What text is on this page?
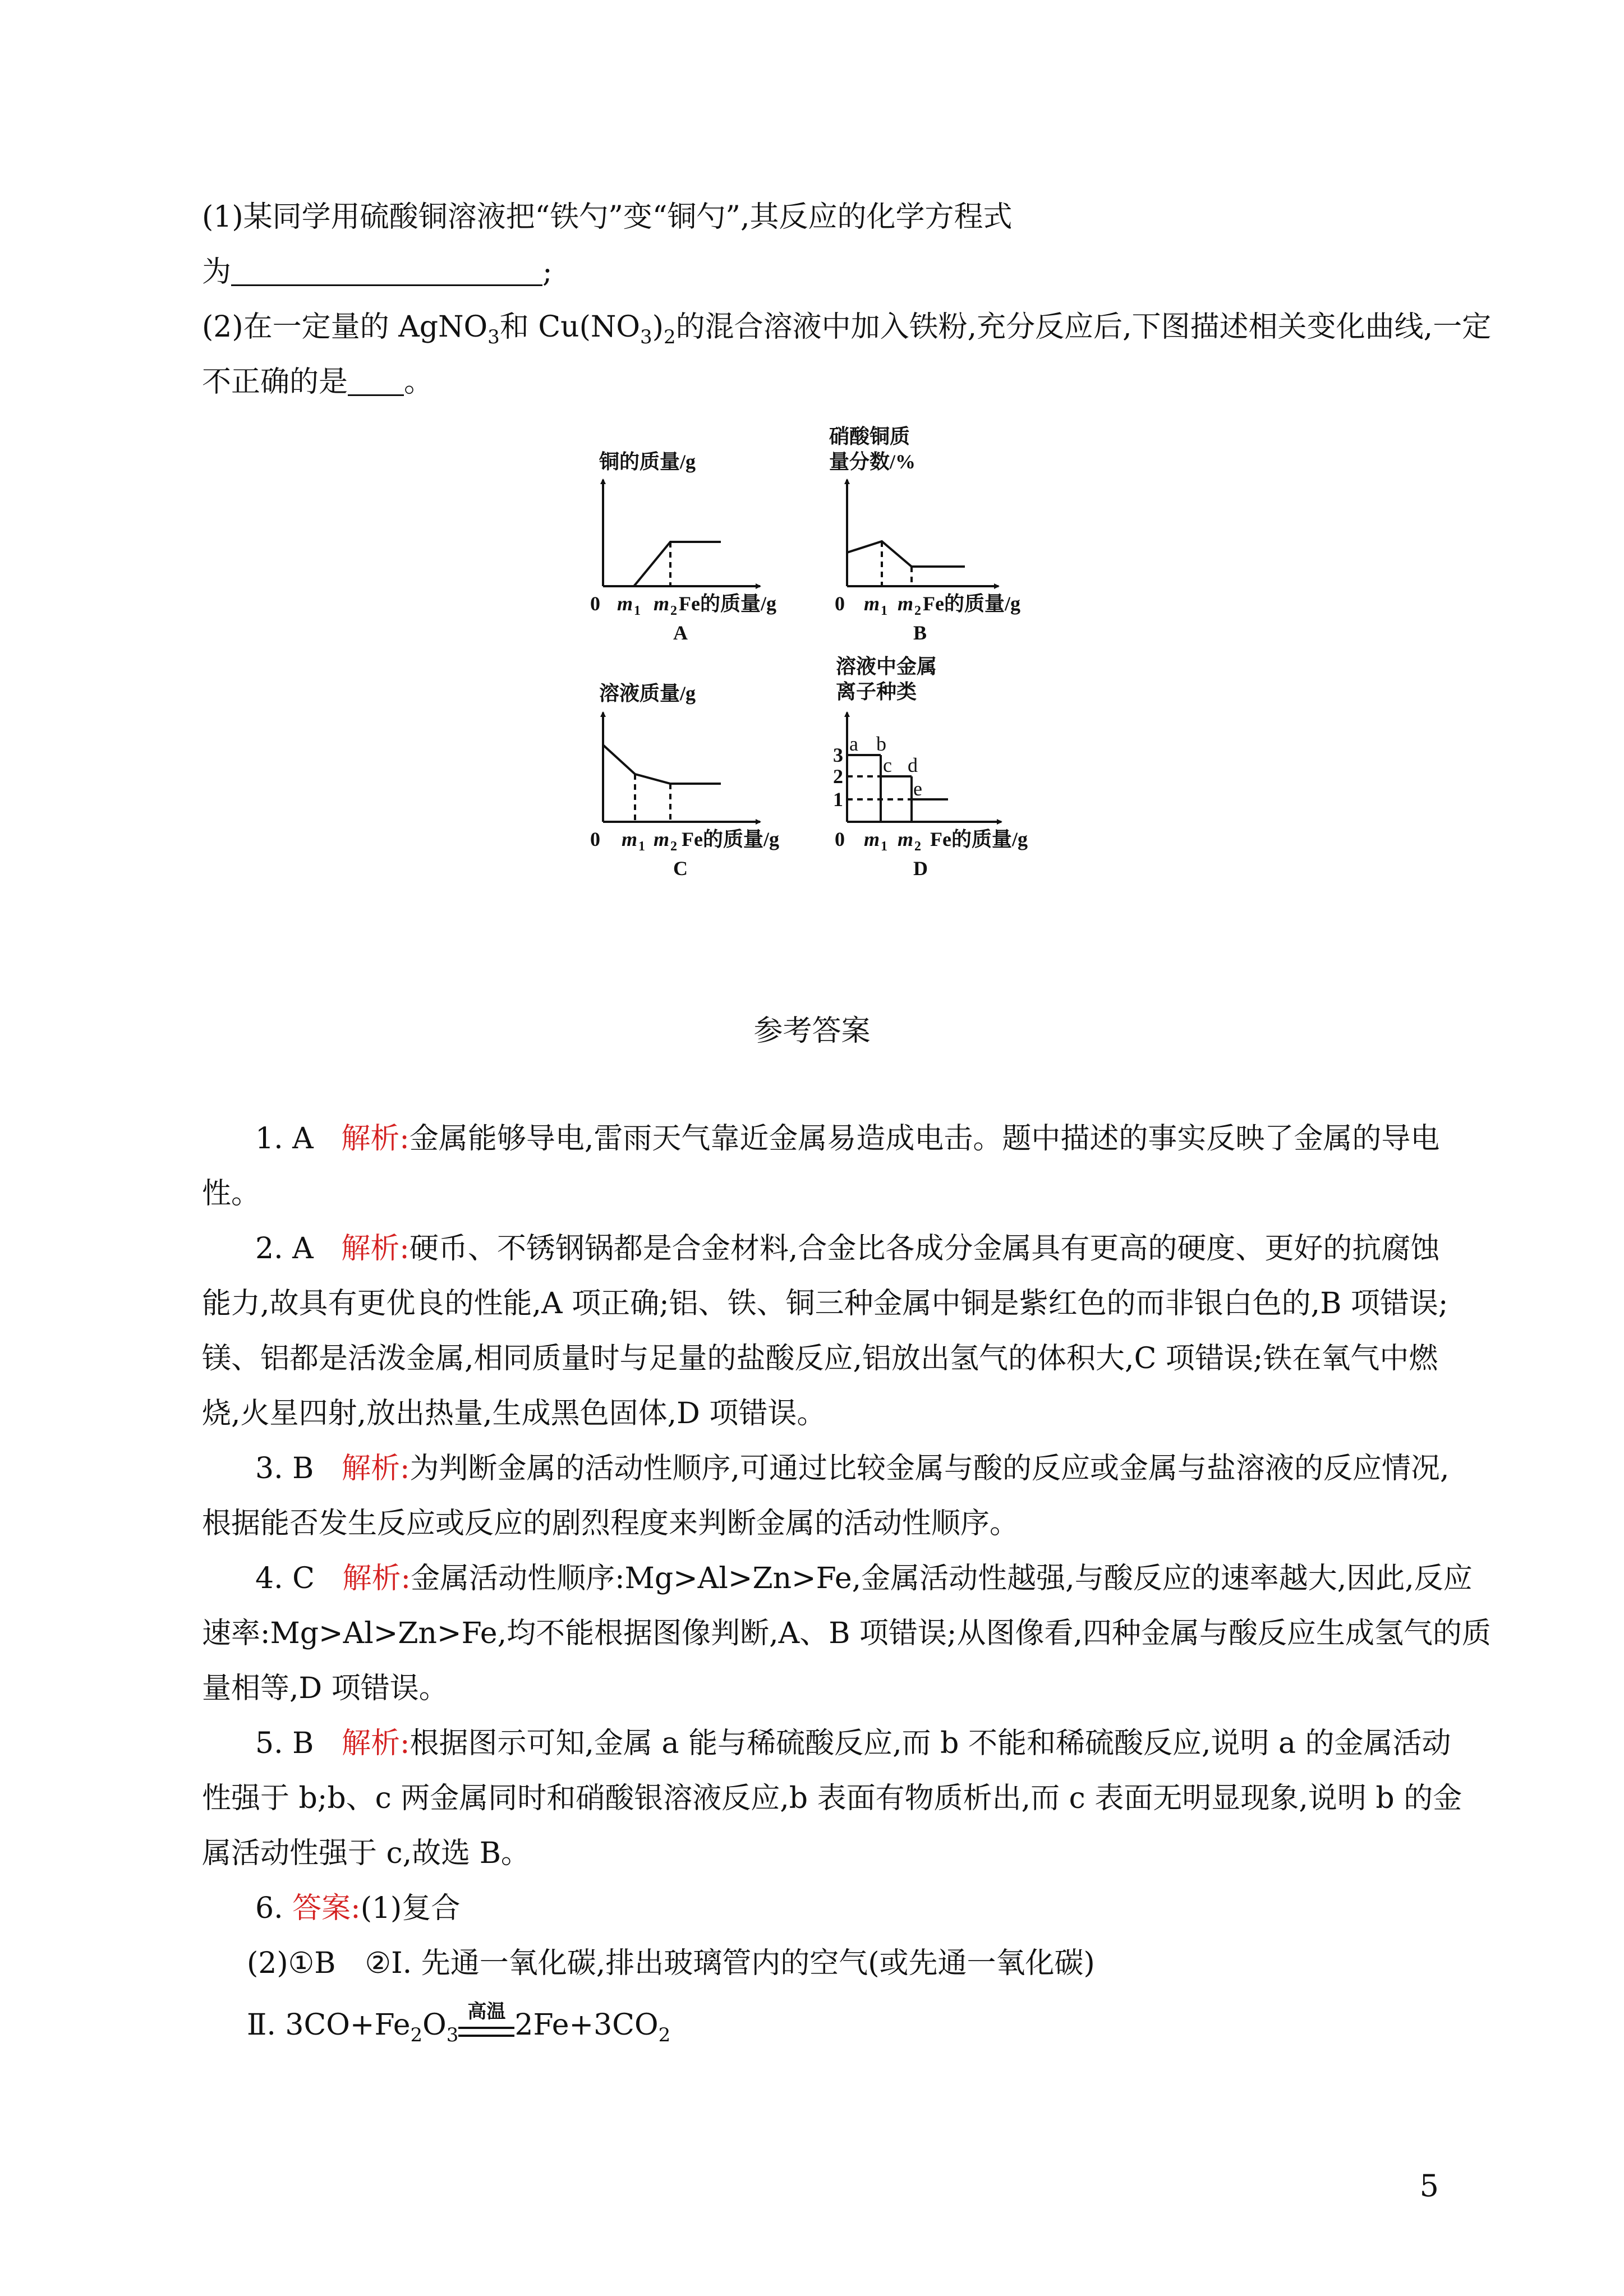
(1)某同学用硫酸铜溶液把“铁勺”变“铜勺”,其反应的化学方程式
为	;
(2)在一定量的 AgNO$_3$和 $Cu(NO_3)_2$的混合溶液中加入铁粉,充分反应后,下图描述相关变化曲线,一定
不正确的是 。
铜的质量/g
0 m 1 m 2 Fe的质量/g
A
硝酸铜质
量分数/%
0 m 1 m 2 Fe的质量/g
B
溶液质量/g
0 m 1 m 2 Fe的质量/g
C
溶液中金属
离子种类
3
2
1
a b
c d
e
0 m 1 m 2 Fe的质量/g
D
参考答案
1. A 解析:金属能够导电,雷雨天气靠近金属易造成电击。题中描述的事实反映了金属的导电
性。
2. A 解析:硬币、不锈钢锅都是合金材料,合金比各成分金属具有更高的硬度、更好的抗腐蚀
能力,故具有更优良的性能,A 项正确;铝、铁、铜三种金属中铜是紫红色的而非银白色的,B 项错误;
镁、铝都是活泼金属,相同质量时与足量的盐酸反应,铝放出氢气的体积大,C 项错误;铁在氧气中燃
烧,火星四射,放出热量,生成黑色固体,D 项错误。
3. B 解析:为判断金属的活动性顺序,可通过比较金属与酸的反应或金属与盐溶液的反应情况,
根据能否发生反应或反应的剧烈程度来判断金属的活动性顺序。
4. C 解析:金属活动性顺序:Mg>Al>Zn>Fe,金属活动性越强,与酸反应的速率越大,因此,反应
速率:Mg>Al>Zn>Fe,均不能根据图像判断,A、B 项错误;从图像看,四种金属与酸反应生成氢气的质
量相等,D 项错误。
5. B 解析:根据图示可知,金属 a 能与稀硫酸反应,而 b 不能和稀硫酸反应,说明 a 的金属活动
性强于 b;b、c 两金属同时和硝酸银溶液反应,b 表面有物质析出,而 c 表面无明显现象,说明 b 的金
属活动性强于 c,故选 B。
6. 答案:(1)复合
(2)①B　②Ⅰ. 先通一氧化碳,排出玻璃管内的空气(或先通一氧化碳)
Ⅱ. $3CO+Fe_2O_3$
高温 $2Fe+3CO_2$
5
